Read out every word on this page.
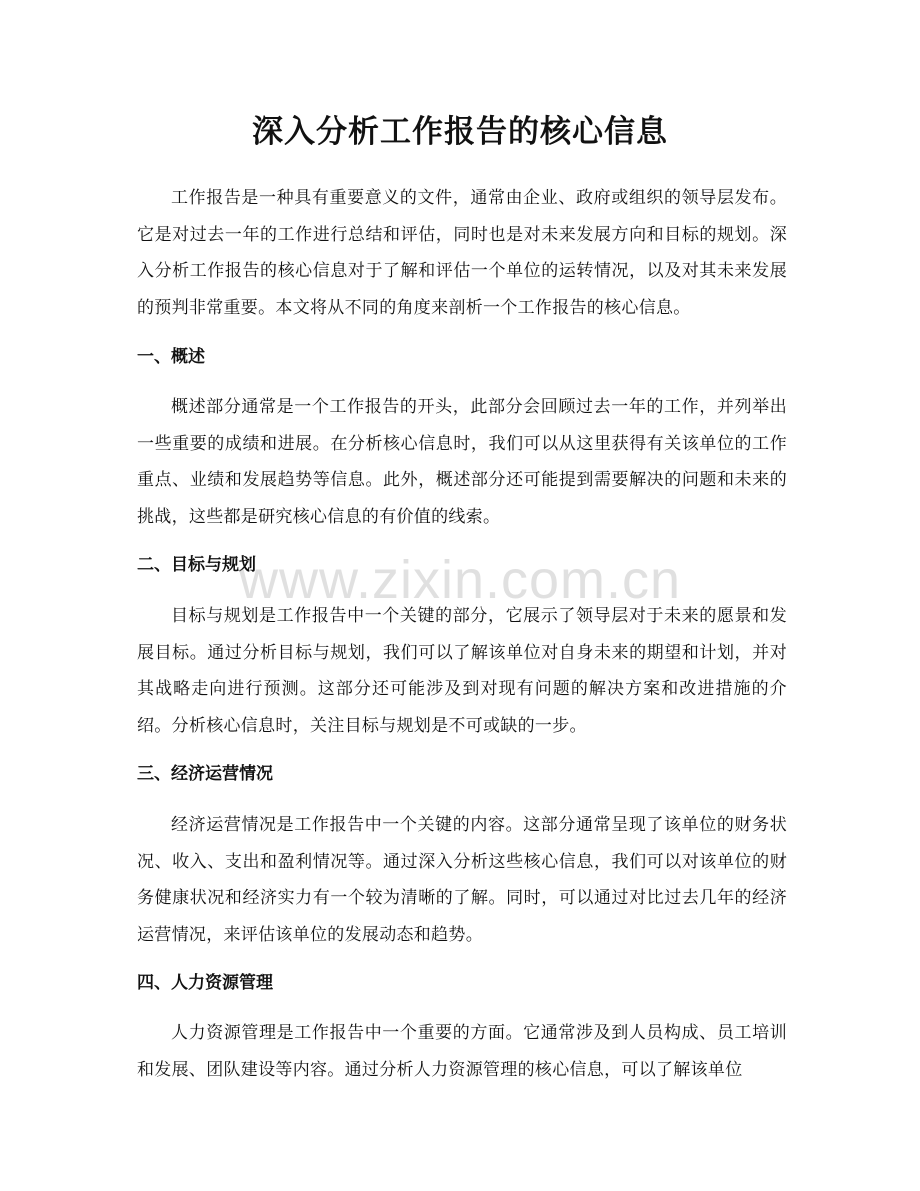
深入分析工作报告的核心信息

工作报告是一种具有重要意义的文件，通常由企业、政府或组织的领导层发布。它是对过去一年的工作进行总结和评估，同时也是对未来发展方向和目标的规划。深入分析工作报告的核心信息对于了解和评估一个单位的运转情况，以及对其未来发展的预判非常重要。本文将从不同的角度来剖析一个工作报告的核心信息。

一、概述

概述部分通常是一个工作报告的开头，此部分会回顾过去一年的工作，并列举出一些重要的成绩和进展。在分析核心信息时，我们可以从这里获得有关该单位的工作重点、业绩和发展趋势等信息。此外，概述部分还可能提到需要解决的问题和未来的挑战，这些都是研究核心信息的有价值的线索。

二、目标与规划

目标与规划是工作报告中一个关键的部分，它展示了领导层对于未来的愿景和发展目标。通过分析目标与规划，我们可以了解该单位对自身未来的期望和计划，并对其战略走向进行预测。这部分还可能涉及到对现有问题的解决方案和改进措施的介绍。分析核心信息时，关注目标与规划是不可或缺的一步。

三、经济运营情况

经济运营情况是工作报告中一个关键的内容。这部分通常呈现了该单位的财务状况、收入、支出和盈利情况等。通过深入分析这些核心信息，我们可以对该单位的财务健康状况和经济实力有一个较为清晰的了解。同时，可以通过对比过去几年的经济运营情况，来评估该单位的发展动态和趋势。

四、人力资源管理

人力资源管理是工作报告中一个重要的方面。它通常涉及到人员构成、员工培训和发展、团队建设等内容。通过分析人力资源管理的核心信息，可以了解该单位

www.zixin.com.cn
